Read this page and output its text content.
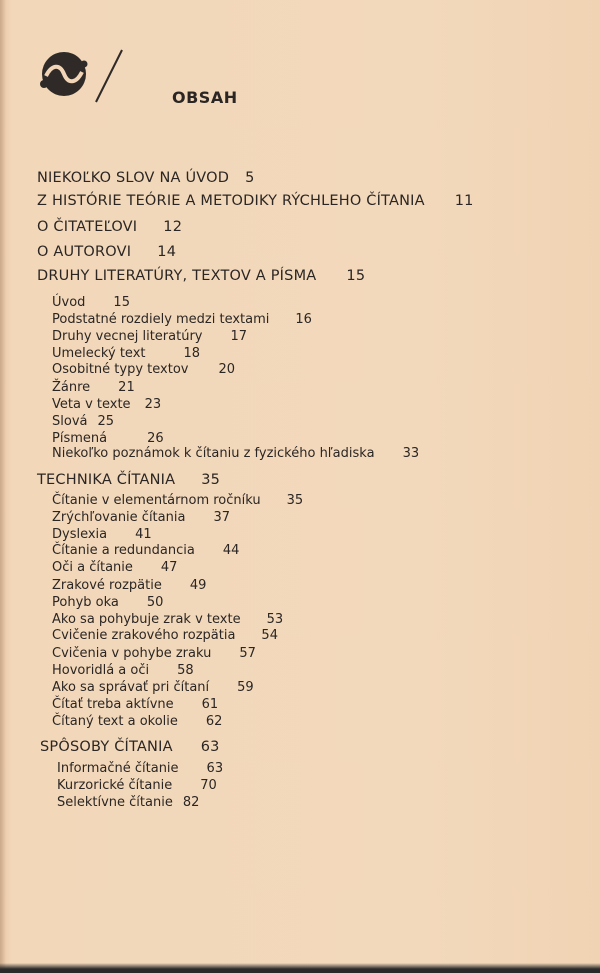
OBSAH
NIEKOĽKO SLOV NA ÚVOD 5
Z HISTÓRIE TEÓRIE A METODIKY RÝCHLEHO ČÍTANIA 11
O ČITATEĽOVI 12
O AUTOROVI 14
DRUHY LITERATÚRY, TEXTOV A PÍSMA 15
Úvod 15
Podstatné rozdiely medzi textami 16
Druhy vecnej literatúry 17
Umelecký text	18
Osobitné typy textov 20
Žánre 21
Veta v texte 23
Slová 25
Písmená	26
Niekoľko poznámok k čítaniu z fyzického hľadiska 33
TECHNIKA ČÍTANIA 35
Čítanie v elementárnom ročníku 35
Zrýchľovanie čítania 37
Dyslexia 41
Čítanie a redundancia 44
Oči a čítanie 47
Zrakové rozpätie 49
Pohyb oka 50
Ako sa pohybuje zrak v texte 53
Cvičenie zrakového rozpätia 54
Cvičenia v pohybe zraku 57
Hovoridlá a oči 58
Ako sa správať pri čítaní 59
Čítať treba aktívne 61
Čítaný text a okolie 62
SPÔSOBY ČÍTANIA 63
Informačné čítanie 63
Kurzorické čítanie 70
Selektívne čítanie 82
